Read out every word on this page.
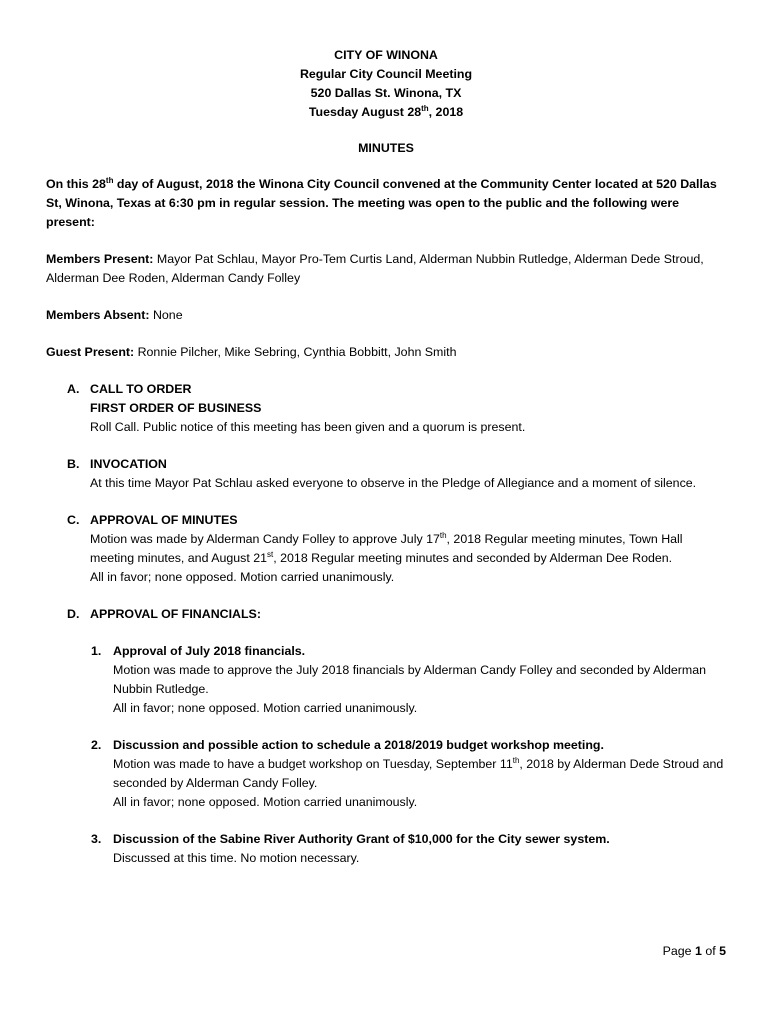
CITY OF WINONA

Regular City Council Meeting

520 Dallas St. Winona, TX

Tuesday August 28th, 2018

MINUTES

On this 28th day of August, 2018 the Winona City Council convened at the Community Center located at 520 Dallas St, Winona, Texas at 6:30 pm in regular session. The meeting was open to the public and the following were present:

Members Present: Mayor Pat Schlau, Mayor Pro-Tem Curtis Land, Alderman Nubbin Rutledge, Alderman Dede Stroud, Alderman Dee Roden, Alderman Candy Folley

Members Absent: None

Guest Present: Ronnie Pilcher, Mike Sebring, Cynthia Bobbitt, John Smith

A. CALL TO ORDER

FIRST ORDER OF BUSINESS

Roll Call. Public notice of this meeting has been given and a quorum is present.

B. INVOCATION

At this time Mayor Pat Schlau asked everyone to observe in the Pledge of Allegiance and a moment of silence.

C. APPROVAL OF MINUTES

Motion was made by Alderman Candy Folley to approve July 17th, 2018 Regular meeting minutes, Town Hall meeting minutes, and August 21st, 2018 Regular meeting minutes and seconded by Alderman Dee Roden.

All in favor; none opposed. Motion carried unanimously.

D. APPROVAL OF FINANCIALS:

1. Approval of July 2018 financials.

Motion was made to approve the July 2018 financials by Alderman Candy Folley and seconded by Alderman Nubbin Rutledge.

All in favor; none opposed. Motion carried unanimously.

2. Discussion and possible action to schedule a 2018/2019 budget workshop meeting.

Motion was made to have a budget workshop on Tuesday, September 11th, 2018 by Alderman Dede Stroud and seconded by Alderman Candy Folley.

All in favor; none opposed. Motion carried unanimously.

3. Discussion of the Sabine River Authority Grant of $10,000 for the City sewer system.

Discussed at this time. No motion necessary.

Page 1 of 5
